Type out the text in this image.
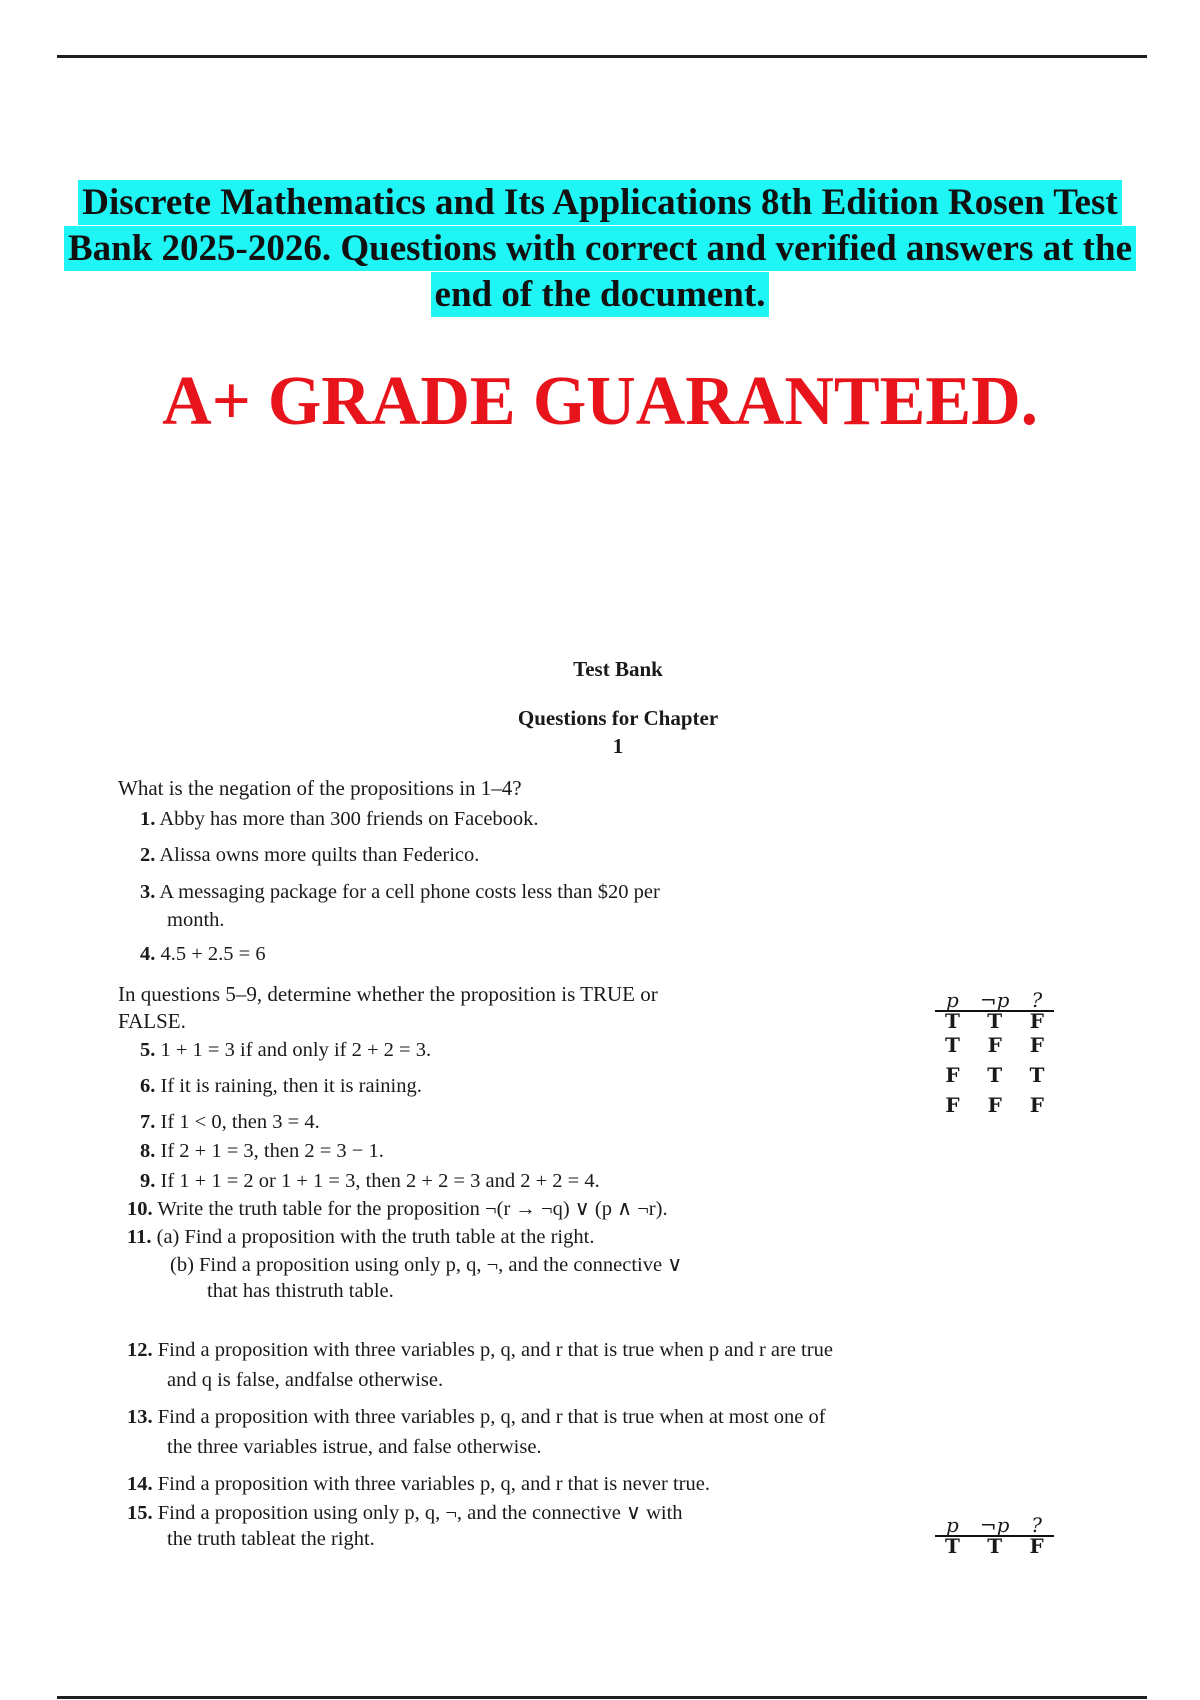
Discrete Mathematics and Its Applications 8th Edition Rosen Test
Bank 2025-2026. Questions with correct and verified answers at the
end of the document.
A+ GRADE GUARANTEED.
Test Bank
Questions for Chapter
1
What is the negation of the propositions in 1–4?
1. Abby has more than 300 friends on Facebook.
2. Alissa owns more quilts than Federico.
3. A messaging package for a cell phone costs less than $20 per
month.
4. 4.5 + 2.5 = 6
In questions 5–9, determine whether the proposition is TRUE or
FALSE.
5. 1 + 1 = 3 if and only if 2 + 2 = 3.
6. If it is raining, then it is raining.
7. If 1 < 0, then 3 = 4.
8. If 2 + 1 = 3, then 2 = 3 − 1.
9. If 1 + 1 = 2 or 1 + 1 = 3, then 2 + 2 = 3 and 2 + 2 = 4.
10. Write the truth table for the proposition ¬(r → ¬q) ∨ (p ∧ ¬r).
11. (a) Find a proposition with the truth table at the right.
(b) Find a proposition using only p, q, ¬, and the connective ∨
that has thistruth table.
p	¬p	?
T	T	F
T	F	F
F	T	T
F	F	F
12. Find a proposition with three variables p, q, and r that is true when p and r are true
and q is false, andfalse otherwise.
13. Find a proposition with three variables p, q, and r that is true when at most one of
the three variables istrue, and false otherwise.
14. Find a proposition with three variables p, q, and r that is never true.
15. Find a proposition using only p, q, ¬, and the connective ∨ with
the truth tableat the right.
p	¬p	?
T	T	F
